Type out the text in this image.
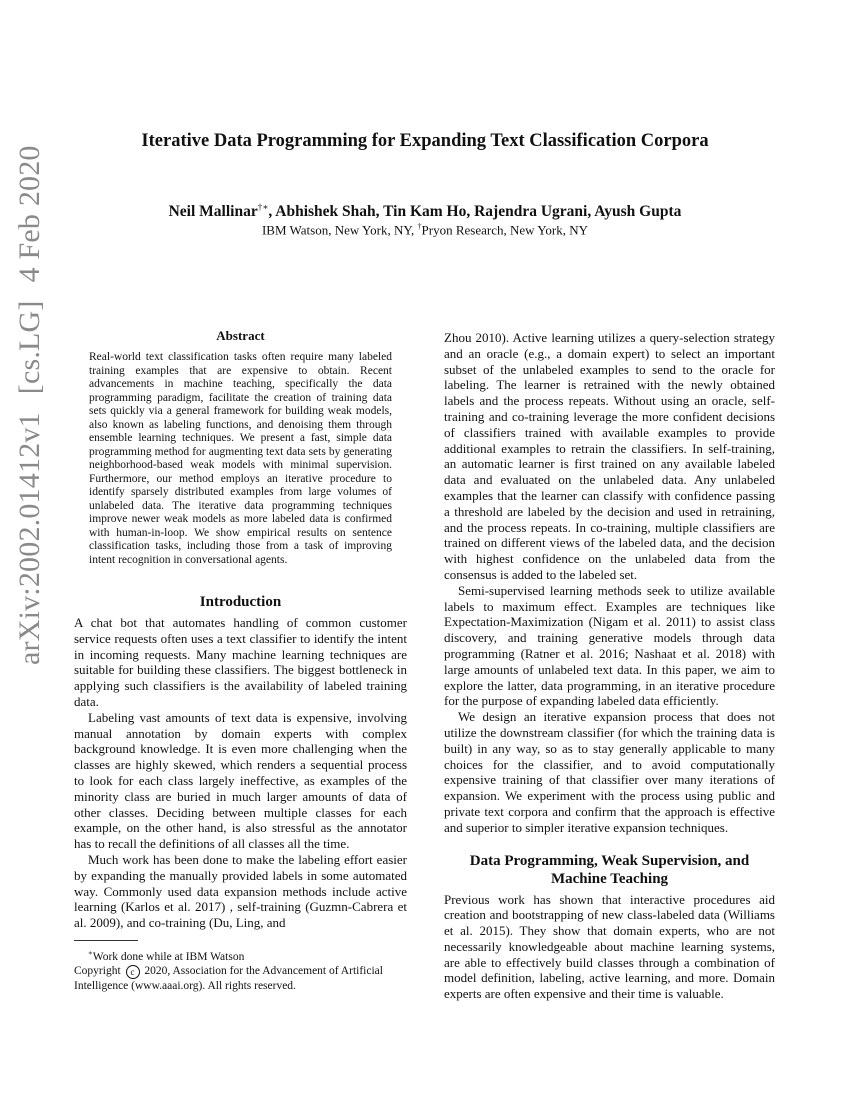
arXiv:2002.01412v1[cs.LG]4 Feb 2020
Iterative Data Programming for Expanding Text Classification Corpora
Neil Mallinar†∗, Abhishek Shah, Tin Kam Ho, Rajendra Ugrani, Ayush Gupta
IBM Watson, New York, NY, †Pryon Research, New York, NY
Abstract

Real-world text classification tasks often require many labeled training examples that are expensive to obtain. Recent advancements in machine teaching, specifically the data programming paradigm, facilitate the creation of training data sets quickly via a general framework for building weak models, also known as labeling functions, and denoising them through ensemble learning techniques. We present a fast, simple data programming method for augmenting text data sets by generating neighborhood-based weak models with minimal supervision. Furthermore, our method employs an iterative procedure to identify sparsely distributed examples from large volumes of unlabeled data. The iterative data programming techniques improve newer weak models as more labeled data is confirmed with human-in-loop. We show empirical results on sentence classification tasks, including those from a task of improving intent recognition in conversational agents.

Introduction

A chat bot that automates handling of common customer service requests often uses a text classifier to identify the intent in incoming requests. Many machine learning techniques are suitable for building these classifiers. The biggest bottleneck in applying such classifiers is the availability of labeled training data.

Labeling vast amounts of text data is expensive, involving manual annotation by domain experts with complex background knowledge. It is even more challenging when the classes are highly skewed, which renders a sequential process to look for each class largely ineffective, as examples of the minority class are buried in much larger amounts of data of other classes. Deciding between multiple classes for each example, on the other hand, is also stressful as the annotator has to recall the definitions of all classes all the time.

Much work has been done to make the labeling effort easier by expanding the manually provided labels in some automated way. Commonly used data expansion methods include active learning (Karlos et al. 2017) , self-training (Guzmn-Cabrera et al. 2009), and co-training (Du, Ling, and

∗Work done while at IBM Watson

Copyright c 2020, Association for the Advancement of Artificial Intelligence (www.aaai.org). All rights reserved.

Zhou 2010). Active learning utilizes a query-selection strategy and an oracle (e.g., a domain expert) to select an important subset of the unlabeled examples to send to the oracle for labeling. The learner is retrained with the newly obtained labels and the process repeats. Without using an oracle, self-training and co-training leverage the more confident decisions of classifiers trained with available examples to provide additional examples to retrain the classifiers. In self-training, an automatic learner is first trained on any available labeled data and evaluated on the unlabeled data. Any unlabeled examples that the learner can classify with confidence passing a threshold are labeled by the decision and used in retraining, and the process repeats. In co-training, multiple classifiers are trained on different views of the labeled data, and the decision with highest confidence on the unlabeled data from the consensus is added to the labeled set.

Semi-supervised learning methods seek to utilize available labels to maximum effect. Examples are techniques like Expectation-Maximization (Nigam et al. 2011) to assist class discovery, and training generative models through data programming (Ratner et al. 2016; Nashaat et al. 2018) with large amounts of unlabeled text data. In this paper, we aim to explore the latter, data programming, in an iterative procedure for the purpose of expanding labeled data efficiently.

We design an iterative expansion process that does not utilize the downstream classifier (for which the training data is built) in any way, so as to stay generally applicable to many choices for the classifier, and to avoid computationally expensive training of that classifier over many iterations of expansion. We experiment with the process using public and private text corpora and confirm that the approach is effective and superior to simpler iterative expansion techniques.

Data Programming, Weak Supervision, and
Machine Teaching

Previous work has shown that interactive procedures aid creation and bootstrapping of new class-labeled data (Williams et al. 2015). They show that domain experts, who are not necessarily knowledgeable about machine learning systems, are able to effectively build classes through a combination of model definition, labeling, active learning, and more. Domain experts are often expensive and their time is valuable.
